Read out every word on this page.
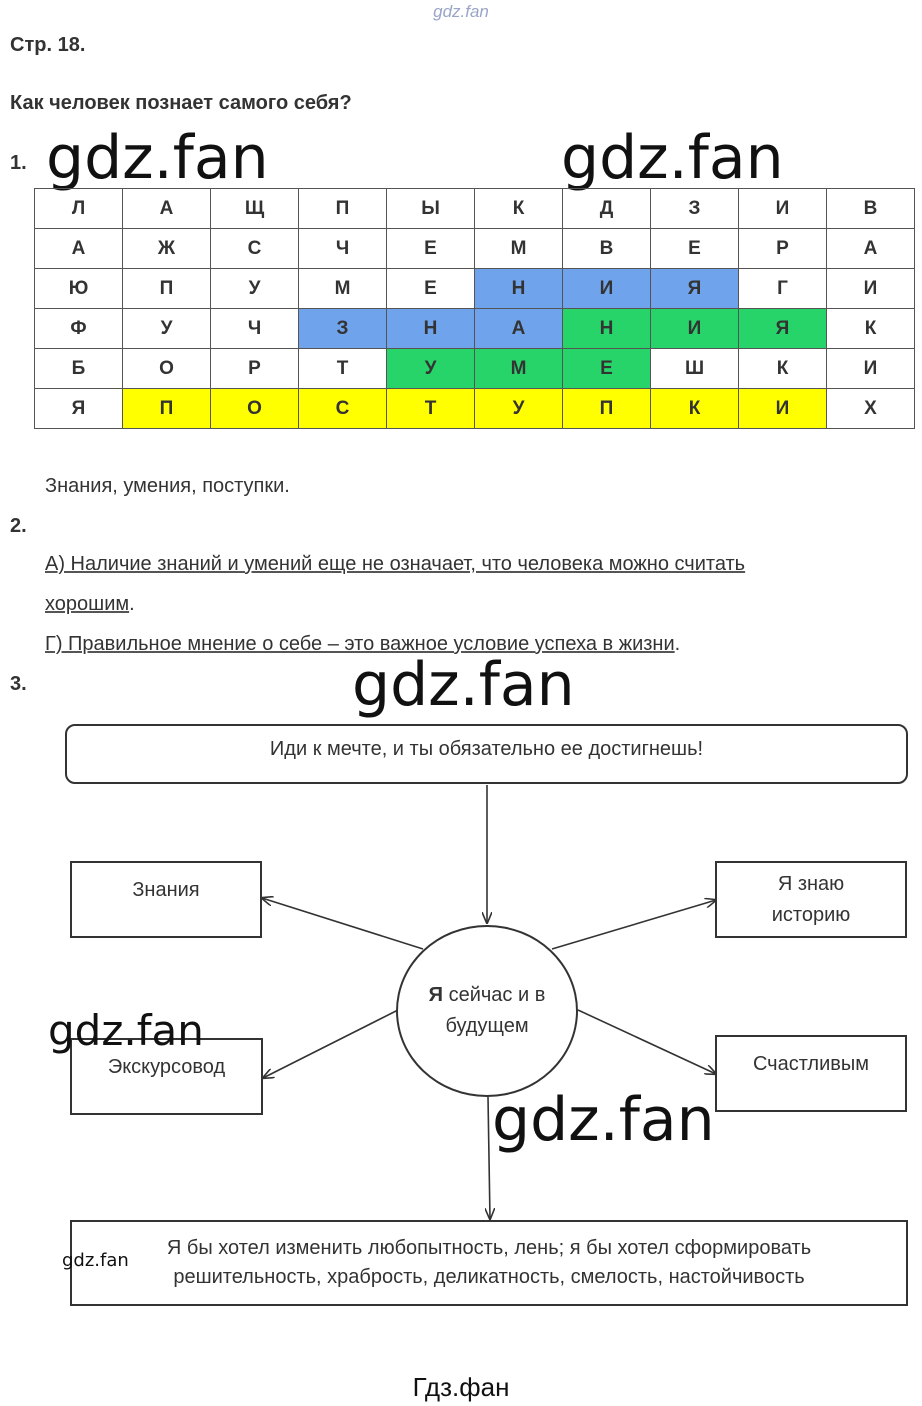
gdz.fan
Стр. 18.
Как человек познает самого себя?
1. gdz.fan	gdz.fan
Л	А	Щ	П	Ы	К	Д	З	И	В
А	Ж	С	Ч	Е	М	В	Е	Р	А
Ю	П	У	М	Е	Н	И	Я	Г	И
Ф	У	Ч	З	Н	А	Н	И	Я	К
Б	О	Р	Т	У	М	Е	Ш	К	И
Я	П	О	С	Т	У	П	К	И	Х
Знания, умения, поступки.
2.
А) Наличие знаний и умений еще не означает, что человека можно считать
хорошим.
Г) Правильное мнение о себе – это важное условие успеха в жизни.
3.	gdz.fan
Иди к мечте, и ты обязательно ее достигнешь!
Я сейчас и в будущем
Знания	Я знаю историю
Экскурсовод	Счастливым
gdz.fan
gdz.fan
Я бы хотел изменить любопытность, лень; я бы хотел сформировать решительность, храбрость, деликатность, смелость, настойчивость
gdz.fan
Гдз.фан
